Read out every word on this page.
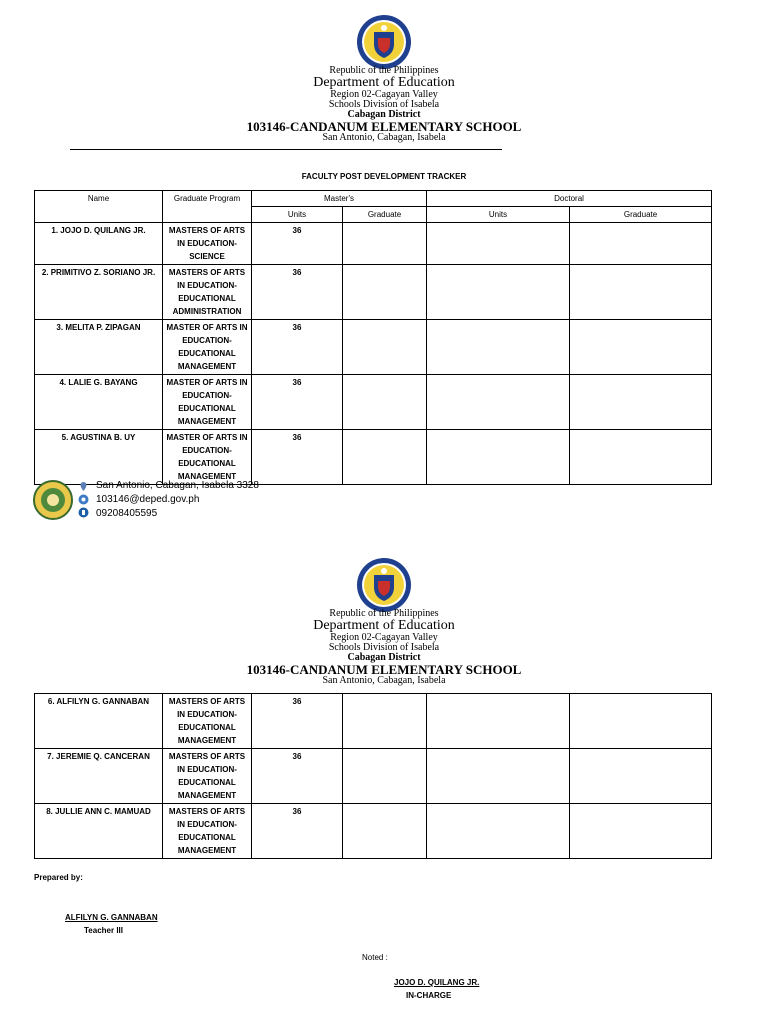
Republic of the Philippines
Department of Education
Region 02-Cagayan Valley
Schools Division of Isabela
Cabagan District
103146-CANDANUM ELEMENTARY SCHOOL
San Antonio, Cabagan, Isabela
FACULTY POST DEVELOPMENT TRACKER
Name	Graduate Program	Master's		Doctoral	
		Units	Graduate	Units	Graduate
1. JOJO D. QUILANG JR.	MASTERS OF ARTS IN EDUCATION-SCIENCE	36			
2. PRIMITIVO Z. SORIANO JR.	MASTERS OF ARTS IN EDUCATION-EDUCATIONAL ADMINISTRATION	36			
3. MELITA P. ZIPAGAN	MASTER OF ARTS IN EDUCATION-EDUCATIONAL MANAGEMENT	36			
4. LALIE G. BAYANG	MASTER OF ARTS IN EDUCATION-EDUCATIONAL MANAGEMENT	36			
5. AGUSTINA B. UY	MASTER OF ARTS IN EDUCATION-EDUCATIONAL MANAGEMENT	36			
San Antonio, Cabagan, Isabela 3328
103146@deped.gov.ph
09208405595
Republic of the Philippines
Department of Education
Region 02-Cagayan Valley
Schools Division of Isabela
Cabagan District
103146-CANDANUM ELEMENTARY SCHOOL
San Antonio, Cabagan, Isabela
6. ALFILYN G. GANNABAN	MASTERS OF ARTS IN EDUCATION-EDUCATIONAL MANAGEMENT	36			
7. JEREMIE Q. CANCERAN	MASTERS OF ARTS IN EDUCATION-EDUCATIONAL MANAGEMENT	36			
8. JULLIE ANN C. MAMUAD	MASTERS OF ARTS IN EDUCATION-EDUCATIONAL MANAGEMENT	36			
Prepared by:
ALFILYN G. GANNABAN
Teacher III
Noted :
JOJO D. QUILANG JR.
IN-CHARGE
